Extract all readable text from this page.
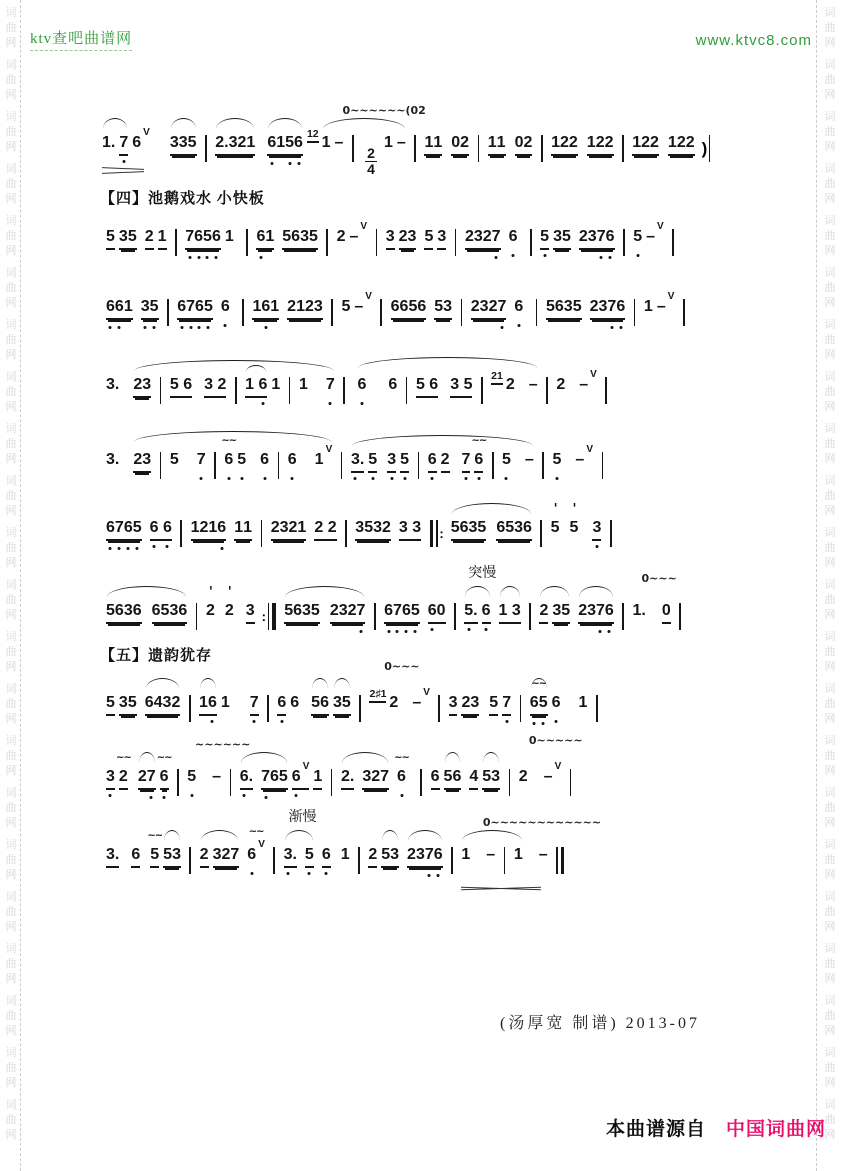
词
曲
网
词
曲
网
词
曲
网
词
曲
网
词
曲
网
词
曲
网
词
曲
网
词
曲
网
词
曲
网
词
曲
网
词
曲
网
词
曲
网
词
曲
网
词
曲
网
词
曲
网
词
曲
网
词
曲
网
词
曲
网
词
曲
网
词
曲
网
词
曲
网
词
曲
网
词
曲
网
词
曲
网
词
曲
网
词
曲
网
词
曲
网
词
曲
网
词
曲
网
词
曲
网
词
曲
网
词
曲
网
词
曲
网
词
曲
网
词
曲
网
词
曲
网
词
曲
网
词
曲
网
词
曲
网
词
曲
网
词
曲
网
词
曲
网
词
曲
网
词
曲
网
ktv查吧曲谱网	www.ktvc8.com
1. 7 $6^V$
335 2.321 6156 12
0~~~~~~(02
1 –
$\frac{2}{4}$
1 – 11 02 11 02 122 122 122 122 )
【四】池鹅戏水 小快板
5 35 2 1 7656 1 61 5635 2 –$^V$3 23 5 3 2327 6 5 35 2376 5 –$^V$
661 35 6765 6 161 2123 5 –$^V$6656 53 2327 6 5635 2376 1 –$^V$
3. 23 5 6 3 2 1 6 1 1 7 6 6 5 6 3 5 21 2 – 2 –$^V$
3. 23 5 7 6
~~
5 6 6 $1^V3$. 5 3 5 6 2 7 6
~~
5 – 5 –$^V$
6765 6 6 1216 11 2321 2 2 3532 3 3 : 5635 6536 5
'
5
'
3
5636 6536 2
'
2
'
3 : 5635 2327 6765 60
突慢
5. 6 1 3 2 35 2376
0~~~
1. 0
【五】遗韵犹存
5 35 6432 16 1 7 6 6 56 35
0~~~
2♯1 2 –$^V$3 23 5 7 65
~~
6 1
3 2
~~
27 6
~~
~~~~~~
5 – 6. 765 $6^V1$ 2. 327 6
~~
6 56 4 53
0~~~~~
2 –$^V$
3. 6 5
~~
53 2 327 6
~~
$^V$
渐慢
3. 5 6 1 2 53 2376
0~~~~~~~~~~~~
1 – 1 –
(汤厚宽 制谱) 2013-07
本曲谱源自 中国词曲网
